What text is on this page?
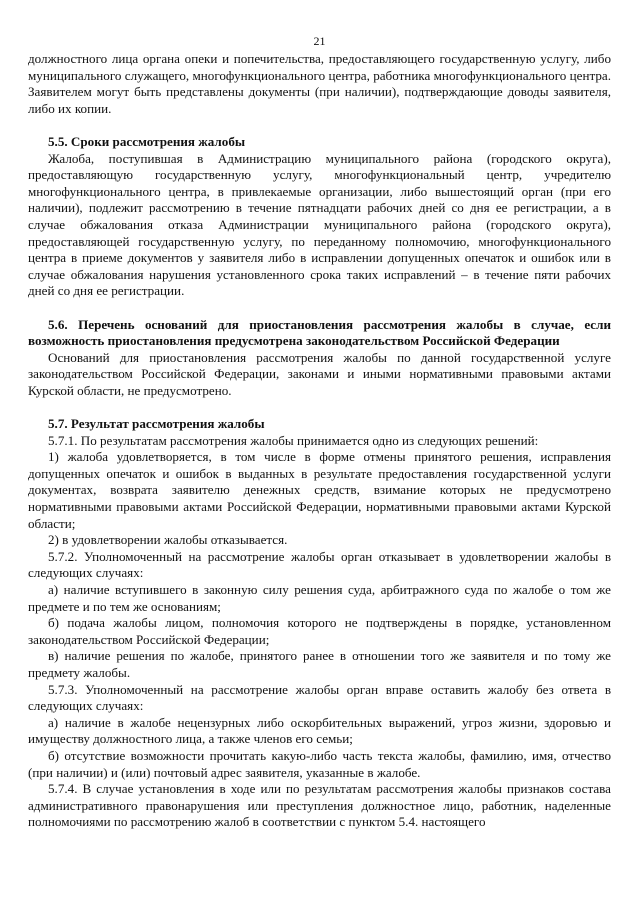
21

должностного лица органа опеки и попечительства, предоставляющего государственную услугу, либо муниципального служащего, многофункционального центра, работника многофункционального центра. Заявителем могут быть представлены документы (при наличии), подтверждающие доводы заявителя, либо их копии.

5.5. Сроки рассмотрения жалобы

Жалоба, поступившая в Администрацию муниципального района (городского округа), предоставляющую государственную услугу, многофункциональный центр, учредителю многофункционального центра, в привлекаемые организации, либо вышестоящий орган (при его наличии), подлежит рассмотрению в течение пятнадцати рабочих дней со дня ее регистрации, а в случае обжалования отказа Администрации муниципального района (городского округа), предоставляющей государственную услугу, по переданному полномочию, многофункционального центра в приеме документов у заявителя либо в исправлении допущенных опечаток и ошибок или в случае обжалования нарушения установленного срока таких исправлений – в течение пяти рабочих дней со дня ее регистрации.

5.6. Перечень оснований для приостановления рассмотрения жалобы в случае, если возможность приостановления предусмотрена законодательством Российской Федерации

Оснований для приостановления рассмотрения жалобы по данной государственной услуге законодательством Российской Федерации, законами и иными нормативными правовыми актами Курской области, не предусмотрено.

5.7. Результат рассмотрения жалобы

5.7.1. По результатам рассмотрения жалобы принимается одно из следующих решений:

1) жалоба удовлетворяется, в том числе в форме отмены принятого решения, исправления допущенных опечаток и ошибок в выданных в результате предоставления государственной услуги документах, возврата заявителю денежных средств, взимание которых не предусмотрено нормативными правовыми актами Российской Федерации, нормативными правовыми актами Курской области;

2) в удовлетворении жалобы отказывается.

5.7.2. Уполномоченный на рассмотрение жалобы орган отказывает в удовлетворении жалобы в следующих случаях:

а) наличие вступившего в законную силу решения суда, арбитражного суда по жалобе о том же предмете и по тем же основаниям;

б) подача жалобы лицом, полномочия которого не подтверждены в порядке, установленном законодательством Российской Федерации;

в) наличие решения по жалобе, принятого ранее в отношении того же заявителя и по тому же предмету жалобы.

5.7.3. Уполномоченный на рассмотрение жалобы орган вправе оставить жалобу без ответа в следующих случаях:

а) наличие в жалобе нецензурных либо оскорбительных выражений, угроз жизни, здоровью и имуществу должностного лица, а также членов его семьи;

б) отсутствие возможности прочитать какую-либо часть текста жалобы, фамилию, имя, отчество (при наличии) и (или) почтовый адрес заявителя, указанные в жалобе.

5.7.4. В случае установления в ходе или по результатам рассмотрения жалобы признаков состава административного правонарушения или преступления должностное лицо, работник, наделенные полномочиями по рассмотрению жалоб в соответствии с пунктом 5.4. настоящего
